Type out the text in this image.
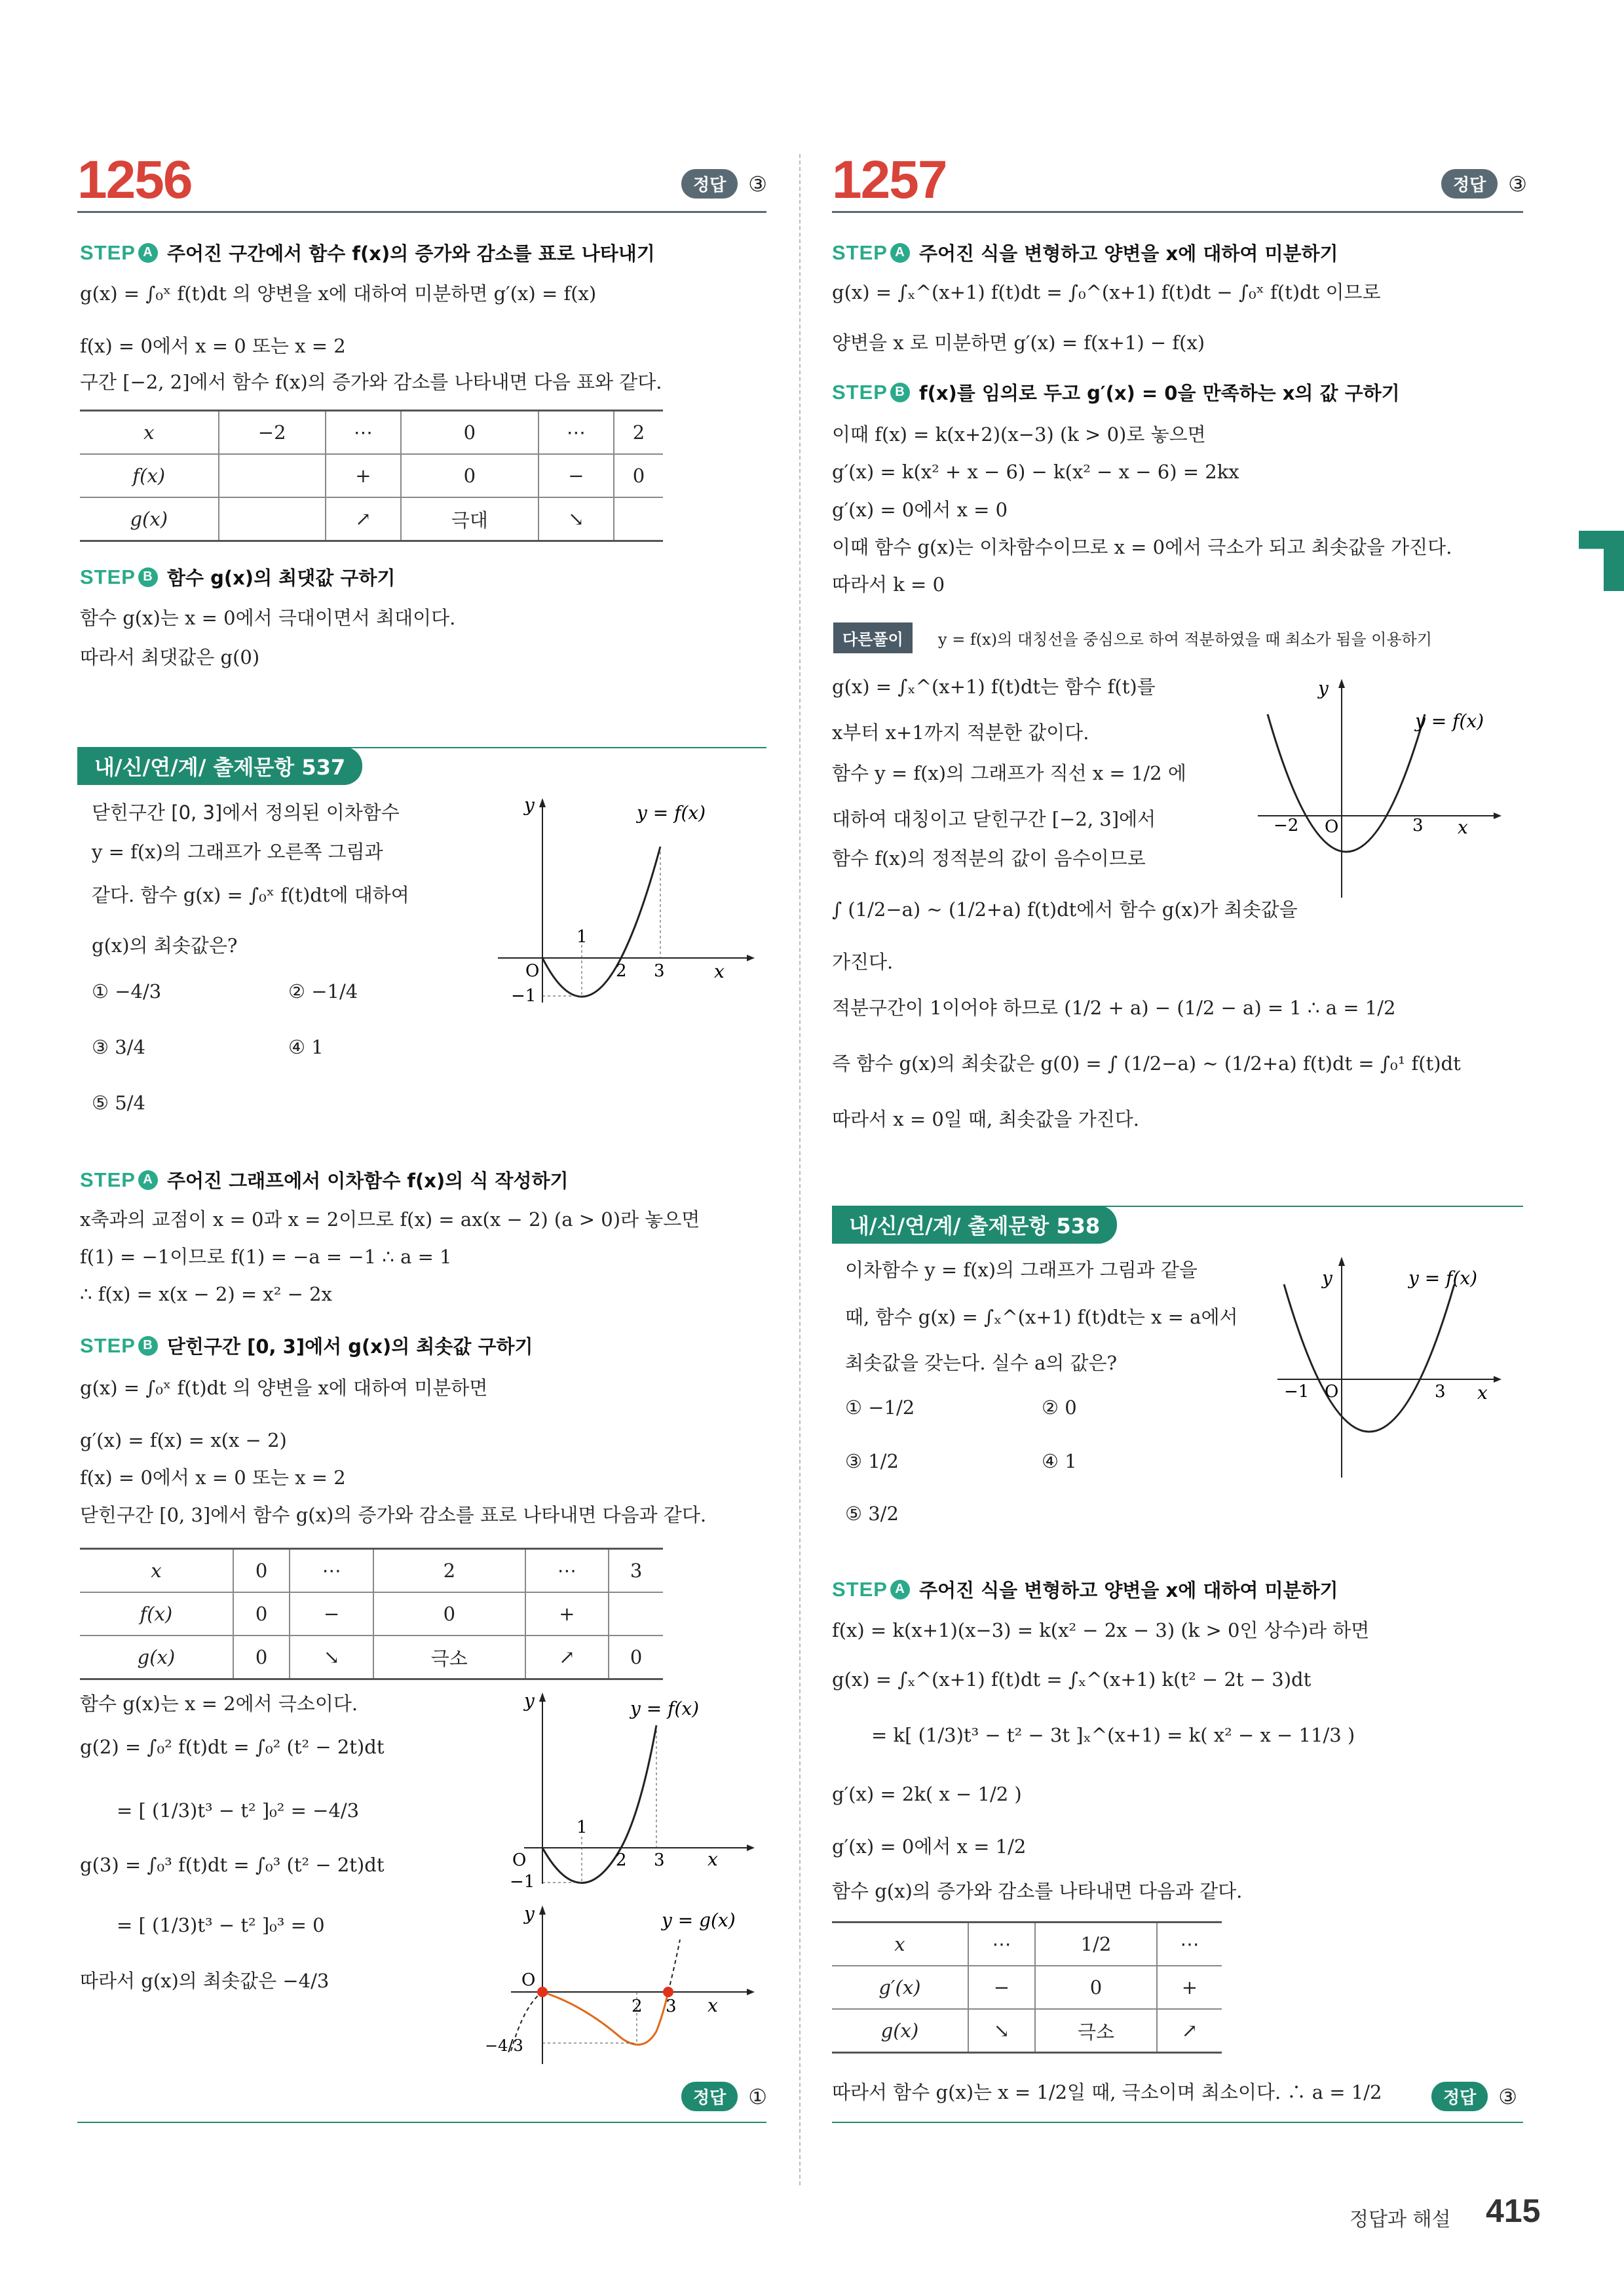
1256	정답	③ 1257	정답	③
STEP A 주어진 구간에서 함수 f(x)의 증가와 감소를 표로 나타내기
g(x) = ∫₀ˣ f(t)dt 의 양변을 x에 대하여 미분하면 g′(x) = f(x)
f(x) = 0에서 x = 0 또는 x = 2
구간 [−2, 2]에서 함수 f(x)의 증가와 감소를 나타내면 다음 표와 같다.
x	−2	⋯	0	⋯	2
f(x)		+	0	−	0
g(x)		↗	극대	↘	
STEP B 함수 g(x)의 최댓값 구하기
함수 g(x)는 x = 0에서 극대이면서 최대이다.
따라서 최댓값은 g(0)
내/신/연/계/ 출제문항 537
닫힌구간 [0, 3]에서 정의된 이차함수
y = f(x)의 그래프가 오른쪽 그림과
같다. 함수 g(x) = ∫₀ˣ f(t)dt에 대하여
g(x)의 최솟값은?
① −4/3	② −1/4
③ 3/4	④ 1
⑤ 5/4
y	y = f(x)
1
O	2 3	x
−1
STEP A 주어진 그래프에서 이차함수 f(x)의 식 작성하기
x축과의 교점이 x = 0과 x = 2이므로 f(x) = ax(x − 2) (a > 0)라 놓으면
f(1) = −1이므로 f(1) = −a = −1 ∴ a = 1
∴ f(x) = x(x − 2) = x² − 2x
STEP B 닫힌구간 [0, 3]에서 g(x)의 최솟값 구하기
g(x) = ∫₀ˣ f(t)dt 의 양변을 x에 대하여 미분하면
g′(x) = f(x) = x(x − 2)
f(x) = 0에서 x = 0 또는 x = 2
닫힌구간 [0, 3]에서 함수 g(x)의 증가와 감소를 표로 나타내면 다음과 같다.
x	0	⋯	2	⋯	3
f(x)	0	−	0	+	
g(x)	0	↘	극소	↗	0
함수 g(x)는 x = 2에서 극소이다.
g(2) = ∫₀² f(t)dt = ∫₀² (t² − 2t)dt
= [ (1/3)t³ − t² ]₀² = −4/3
g(3) = ∫₀³ f(t)dt = ∫₀³ (t² − 2t)dt
= [ (1/3)t³ − t² ]₀³ = 0
따라서 g(x)의 최솟값은 −4/3
y	y = f(x)
1
O	2 3 x
−1
y	y = g(x)
O
2 3 x
−4/3
정답	①
STEP A 주어진 식을 변형하고 양변을 x에 대하여 미분하기
g(x) = ∫ₓ^(x+1) f(t)dt = ∫₀^(x+1) f(t)dt − ∫₀ˣ f(t)dt 이므로
양변을 x 로 미분하면 g′(x) = f(x+1) − f(x)
STEP B f(x)를 임의로 두고 g′(x) = 0을 만족하는 x의 값 구하기
이때 f(x) = k(x+2)(x−3) (k > 0)로 놓으면
g′(x) = k(x² + x − 6) − k(x² − x − 6) = 2kx
g′(x) = 0에서 x = 0
이때 함수 g(x)는 이차함수이므로 x = 0에서 극소가 되고 최솟값을 가진다.
따라서 k = 0
다른풀이	y = f(x)의 대칭선을 중심으로 하여 적분하였을 때 최소가 됨을 이용하기
g(x) = ∫ₓ^(x+1) f(t)dt는 함수 f(t)를
x부터 x+1까지 적분한 값이다.
함수 y = f(x)의 그래프가 직선 x = 1/2 에
대하여 대칭이고 닫힌구간 [−2, 3]에서
함수 f(x)의 정적분의 값이 음수이므로
∫ (1/2−a) ~ (1/2+a) f(t)dt에서 함수 g(x)가 최솟값을
가진다.
적분구간이 1이어야 하므로 (1/2 + a) − (1/2 − a) = 1 ∴ a = 1/2
즉 함수 g(x)의 최솟값은 g(0) = ∫ (1/2−a) ~ (1/2+a) f(t)dt = ∫₀¹ f(t)dt
따라서 x = 0일 때, 최솟값을 가진다.
y
y = f(x)
−2 O	3 x
내/신/연/계/ 출제문항 538
이차함수 y = f(x)의 그래프가 그림과 같을
때, 함수 g(x) = ∫ₓ^(x+1) f(t)dt는 x = a에서
최솟값을 갖는다. 실수 a의 값은?
① −1/2	② 0
③ 1/2	④ 1
⑤ 3/2
y	y = f(x)
−1 O	3 x
STEP A 주어진 식을 변형하고 양변을 x에 대하여 미분하기
f(x) = k(x+1)(x−3) = k(x² − 2x − 3) (k > 0인 상수)라 하면
g(x) = ∫ₓ^(x+1) f(t)dt = ∫ₓ^(x+1) k(t² − 2t − 3)dt
= k[ (1/3)t³ − t² − 3t ]ₓ^(x+1) = k( x² − x − 11/3 )
g′(x) = 2k( x − 1/2 )
g′(x) = 0에서 x = 1/2
함수 g(x)의 증가와 감소를 나타내면 다음과 같다.
x	⋯	1/2	⋯
g′(x)	−	0	+
g(x)	↘	극소	↗
따라서 함수 g(x)는 x = 1/2일 때, 극소이며 최소이다. ∴ a = 1/2	정답	③
정답과 해설 415
